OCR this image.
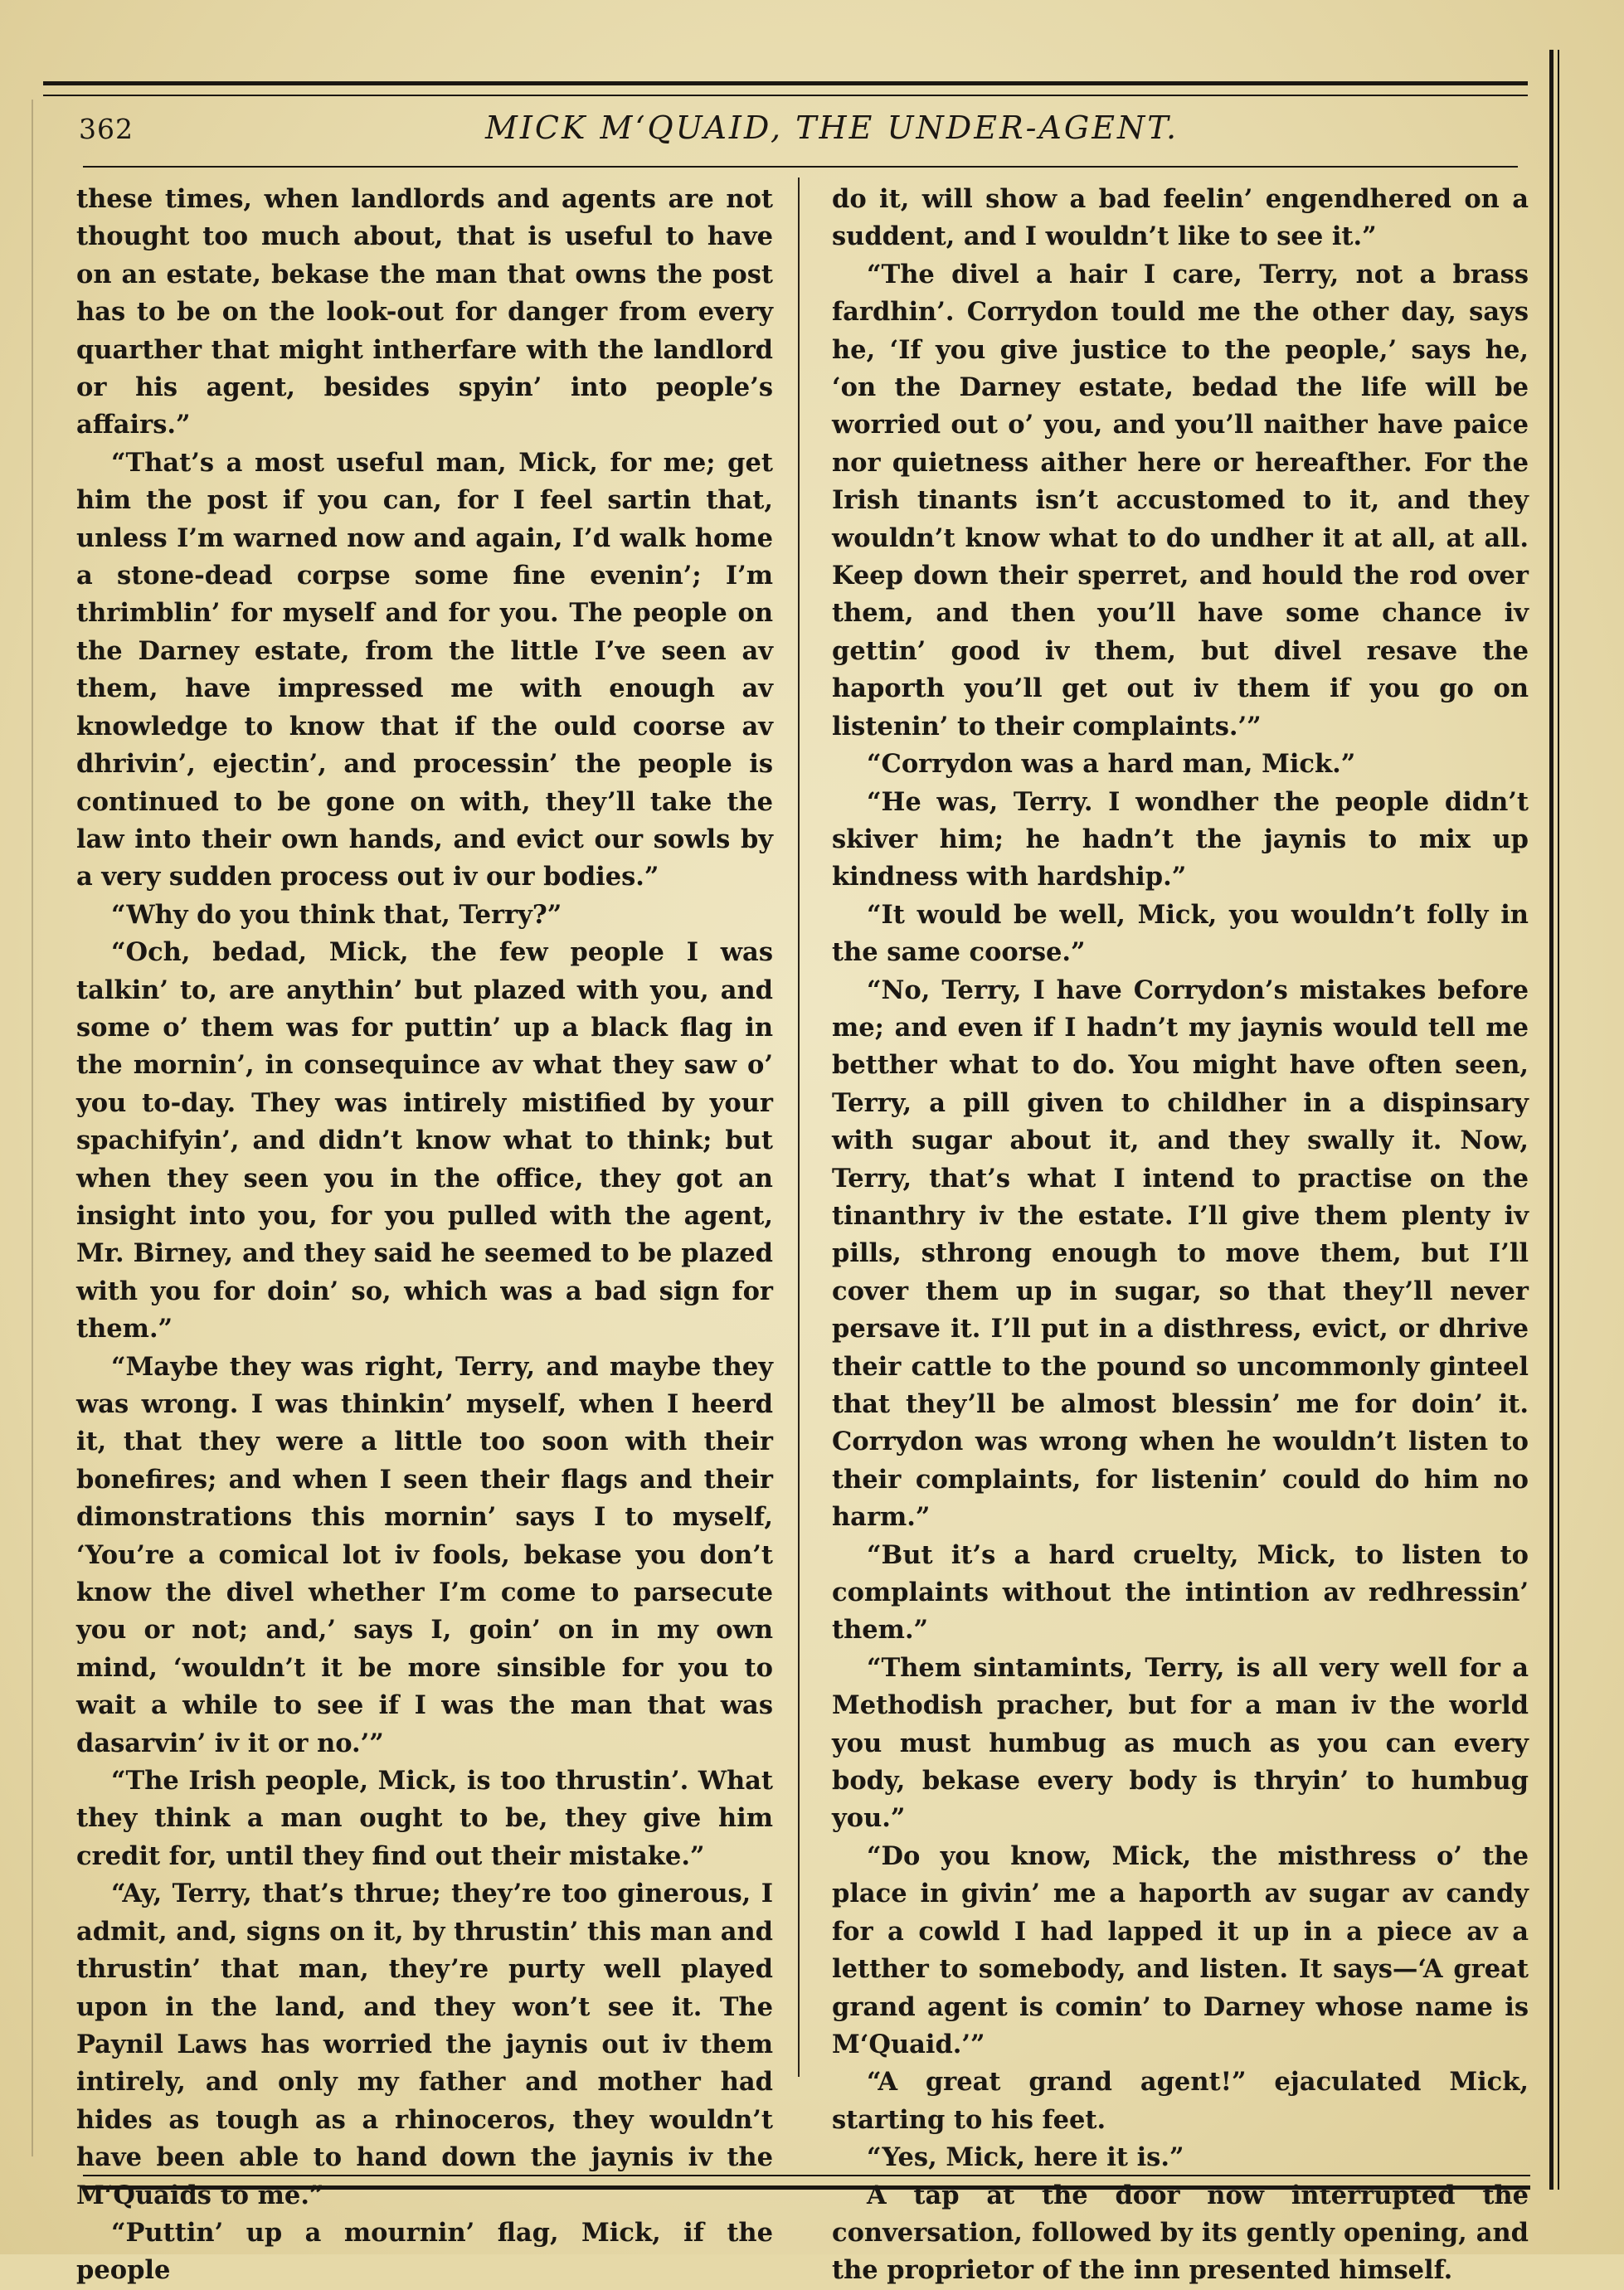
362	MICK M‘QUAID, THE UNDER-AGENT.

these times, when landlords and agents are not thought too much about, that is useful to have on an estate, bekase the man that owns the post has to be on the look-out for danger from every quarther that might intherfare with the landlord or his agent, besides spyin’ into people’s affairs.”

“That’s a most useful man, Mick, for me; get him the post if you can, for I feel sartin that, unless I’m warned now and again, I’d walk home a stone-dead corpse some fine evenin’; I’m thrimblin’ for myself and for you. The people on the Darney estate, from the little I’ve seen av them, have impressed me with enough av knowledge to know that if the ould coorse av dhrivin’, ejectin’, and processin’ the people is continued to be gone on with, they’ll take the law into their own hands, and evict our sowls by a very sudden process out iv our bodies.”

“Why do you think that, Terry?”

“Och, bedad, Mick, the few people I was talkin’ to, are anythin’ but plazed with you, and some o’ them was for puttin’ up a black flag in the mornin’, in consequince av what they saw o’ you to-day. They was intirely mistified by your spachifyin’, and didn’t know what to think; but when they seen you in the office, they got an insight into you, for you pulled with the agent, Mr. Birney, and they said he seemed to be plazed with you for doin’ so, which was a bad sign for them.”

“Maybe they was right, Terry, and maybe they was wrong. I was thinkin’ myself, when I heerd it, that they were a little too soon with their bonefires; and when I seen their flags and their dimonstrations this mornin’ says I to myself, ‘You’re a comical lot iv fools, bekase you don’t know the divel whether I’m come to parsecute you or not; and,’ says I, goin’ on in my own mind, ‘wouldn’t it be more sinsible for you to wait a while to see if I was the man that was dasarvin’ iv it or no.’”

“The Irish people, Mick, is too thrustin’. What they think a man ought to be, they give him credit for, until they find out their mistake.”

“Ay, Terry, that’s thrue; they’re too ginerous, I admit, and, signs on it, by thrustin’ this man and thrustin’ that man, they’re purty well played upon in the land, and they won’t see it. The Paynil Laws has worried the jaynis out iv them intirely, and only my father and mother had hides as tough as a rhinoceros, they wouldn’t have been able to hand down the jaynis iv the M‘Quaids to me.”

“Puttin’ up a mournin’ flag, Mick, if the people

do it, will show a bad feelin’ engendhered on a suddent, and I wouldn’t like to see it.”

“The divel a hair I care, Terry, not a brass fardhin’. Corrydon tould me the other day, says he, ‘If you give justice to the people,’ says he, ‘on the Darney estate, bedad the life will be worried out o’ you, and you’ll naither have paice nor quietness aither here or hereafther. For the Irish tinants isn’t accustomed to it, and they wouldn’t know what to do undher it at all, at all. Keep down their sperret, and hould the rod over them, and then you’ll have some chance iv gettin’ good iv them, but divel resave the haporth you’ll get out iv them if you go on listenin’ to their complaints.’”

“Corrydon was a hard man, Mick.”

“He was, Terry. I wondher the people didn’t skiver him; he hadn’t the jaynis to mix up kindness with hardship.”

“It would be well, Mick, you wouldn’t folly in the same coorse.”

“No, Terry, I have Corrydon’s mistakes before me; and even if I hadn’t my jaynis would tell me betther what to do. You might have often seen, Terry, a pill given to childher in a dispinsary with sugar about it, and they swally it. Now, Terry, that’s what I intend to practise on the tinanthry iv the estate. I’ll give them plenty iv pills, sthrong enough to move them, but I’ll cover them up in sugar, so that they’ll never persave it. I’ll put in a disthress, evict, or dhrive their cattle to the pound so uncommonly ginteel that they’ll be almost blessin’ me for doin’ it. Corrydon was wrong when he wouldn’t listen to their complaints, for listenin’ could do him no harm.”

“But it’s a hard cruelty, Mick, to listen to complaints without the intintion av redhressin’ them.”

“Them sintamints, Terry, is all very well for a Methodish pracher, but for a man iv the world you must humbug as much as you can every body, bekase every body is thryin’ to humbug you.”

“Do you know, Mick, the misthress o’ the place in givin’ me a haporth av sugar av candy for a cowld I had lapped it up in a piece av a letther to somebody, and listen. It says—‘A great grand agent is comin’ to Darney whose name is M‘Quaid.’”

“A great grand agent!” ejaculated Mick, starting to his feet.

“Yes, Mick, here it is.”

A tap at the door now interrupted the conversation, followed by its gently opening, and the proprietor of the inn presented himself.
